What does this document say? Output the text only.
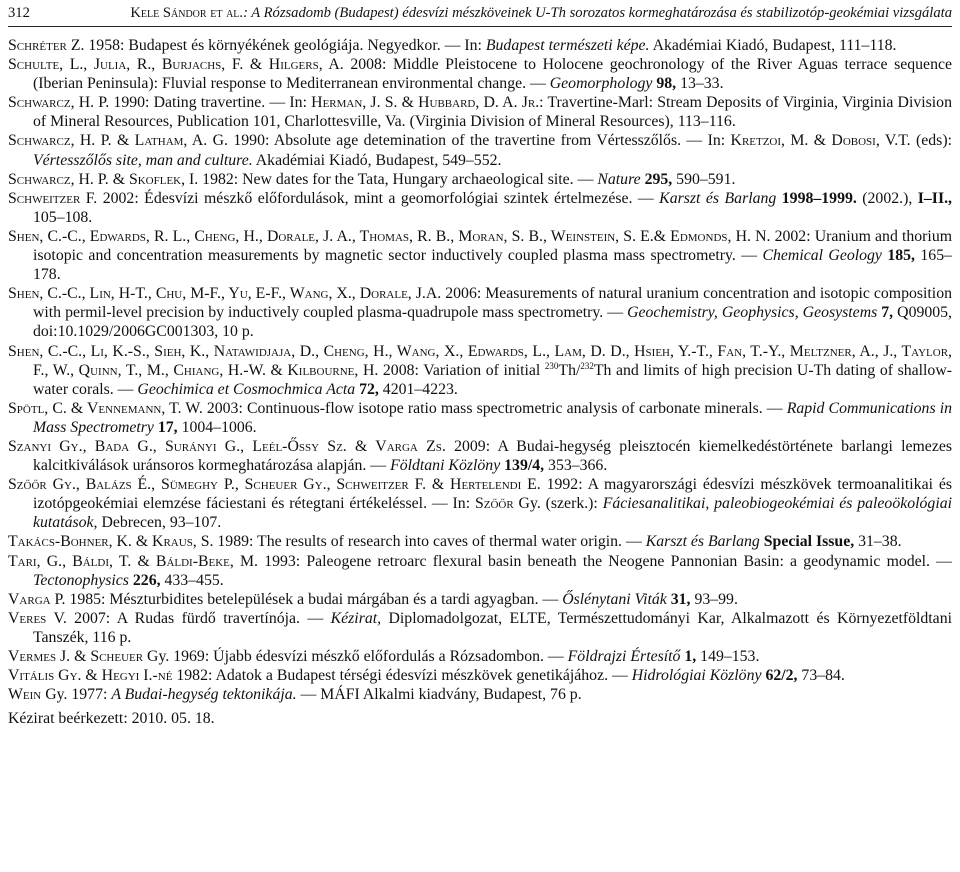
312	Kele Sándor et al.: A Rózsadomb (Budapest) édesvízi mészköveinek U-Th sorozatos kormeghatározása és stabilizotóp-geokémiai vizsgálata

Schréter Z. 1958: Budapest és környékének geológiája. Negyedkor. — In: Budapest természeti képe. Akadémiai Kiadó, Budapest, 111–118.

Schulte, L., Julia, R., Burjachs, F. & Hilgers, A. 2008: Middle Pleistocene to Holocene geochronology of the River Aguas terrace sequence (Iberian Peninsula): Fluvial response to Mediterranean environmental change. — Geomorphology 98, 13–33.

Schwarcz, H. P. 1990: Dating travertine. — In: Herman, J. S. & Hubbard, D. A. Jr.: Travertine-Marl: Stream Deposits of Virginia, Virginia Division of Mineral Resources, Publication 101, Charlottesville, Va. (Virginia Division of Mineral Resources), 113–116.

Schwarcz, H. P. & Latham, A. G. 1990: Absolute age detemination of the travertine from Vértesszőlős. — In: Kretzoi, M. & Dobosi, V.T. (eds): Vértesszőlős site, man and culture. Akadémiai Kiadó, Budapest, 549–552.

Schwarcz, H. P. & Skoflek, I. 1982: New dates for the Tata, Hungary archaeological site. — Nature 295, 590–591.

Schweitzer F. 2002: Édesvízi mészkő előfordulások, mint a geomorfológiai szintek értelmezése. — Karszt és Barlang 1998–1999. (2002.), I–II., 105–108.

Shen, C.-C., Edwards, R. L., Cheng, H., Dorale, J. A., Thomas, R. B., Moran, S. B., Weinstein, S. E.& Edmonds, H. N. 2002: Uranium and thorium isotopic and concentration measurements by magnetic sector inductively coupled plasma mass spectrometry. — Chemical Geology 185, 165–178.

Shen, C.-C., Lin, H-T., Chu, M-F., Yu, E-F., Wang, X., Dorale, J.A. 2006: Measurements of natural uranium concentration and isotopic composition with permil-level precision by inductively coupled plasma-quadrupole mass spectrometry. — Geochemistry, Geophysics, Geosystems 7, Q09005, doi:10.1029/2006GC001303, 10 p.

Shen, C.-C., Li, K.-S., Sieh, K., Natawidjaja, D., Cheng, H., Wang, X., Edwards, L., Lam, D. D., Hsieh, Y.-T., Fan, T.-Y., Meltzner, A., J., Taylor, F., W., Quinn, T., M., Chiang, H.-W. & Kilbourne, H. 2008: Variation of initial $^{230}$Th/$^{232}$Th and limits of high precision U-Th dating of shallow-water corals. — Geochimica et Cosmochmica Acta 72, 4201–4223.

Spötl, C. & Vennemann, T. W. 2003: Continuous-flow isotope ratio mass spectrometric analysis of carbonate minerals. — Rapid Communications in Mass Spectrometry 17, 1004–1006.

Szanyi Gy., Bada G., Surányi G., Leél-Őssy Sz. & Varga Zs. 2009: A Budai-hegység pleisztocén kiemelkedéstörténete barlangi lemezes kalcitkiválások uránsoros kormeghatározása alapján. — Földtani Közlöny 139/4, 353–366.

Szőőr Gy., Balázs É., Sümeghy P., Scheuer Gy., Schweitzer F. & Hertelendi E. 1992: A magyarországi édesvízi mészkövek termoanalitikai és izotópgeokémiai elemzése fáciestani és rétegtani értékeléssel. — In: Szőőr Gy. (szerk.): Fáciesanalitikai, paleobiogeokémiai és paleoökológiai kutatások, Debrecen, 93–107.

Takács-Bohner, K. & Kraus, S. 1989: The results of research into caves of thermal water origin. — Karszt és Barlang Special Issue, 31–38.

Tari, G., Báldi, T. & Báldi-Beke, M. 1993: Paleogene retroarc flexural basin beneath the Neogene Pannonian Basin: a geodynamic model. — Tectonophysics 226, 433–455.

Varga P. 1985: Mészturbidites betelepülések a budai márgában és a tardi agyagban. — Őslénytani Viták 31, 93–99.

Veres V. 2007: A Rudas fürdő travertínója. — Kézirat, Diplomadolgozat, ELTE, Természettudományi Kar, Alkalmazott és Környezetföldtani Tanszék, 116 p.

Vermes J. & Scheuer Gy. 1969: Újabb édesvízi mészkő előfordulás a Rózsadombon. — Földrajzi Értesítő 1, 149–153.

Vitális Gy. & Hegyi I.-né 1982: Adatok a Budapest térségi édesvízi mészkövek genetikájához. — Hidrológiai Közlöny 62/2, 73–84.

Wein Gy. 1977: A Budai-hegység tektonikája. — MÁFI Alkalmi kiadvány, Budapest, 76 p.

Kézirat beérkezett: 2010. 05. 18.
